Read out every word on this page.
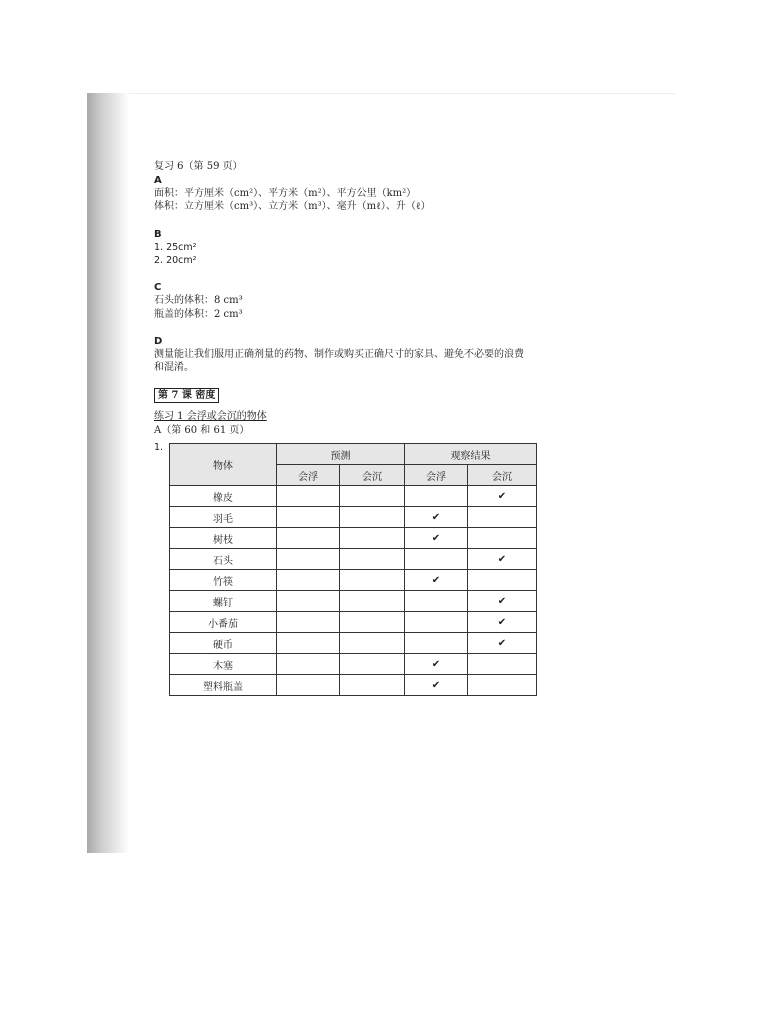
复习 6（第 59 页）
A
面积：平方厘米（cm²）、平方米（m²）、平方公里（km²）
体积：立方厘米（cm³）、立方米（m³）、毫升（mℓ）、升（ℓ）
B
1. 25cm²
2. 20cm²
C
石头的体积：8 cm³
瓶盖的体积：2 cm³
D
测量能让我们服用正确剂量的药物、制作或购买正确尺寸的家具、避免不必要的浪费
和混淆。
第 7 课 密度
练习 1 会浮或会沉的物体
A（第 60 和 61 页）
1.
物体	预测		观察结果	
	会浮	会沉	会浮	会沉
橡皮				✔
羽毛			✔	
树枝			✔	
石头				✔
竹筷			✔	
螺钉				✔
小番茄				✔
硬币				✔
木塞			✔	
塑料瓶盖			✔	
